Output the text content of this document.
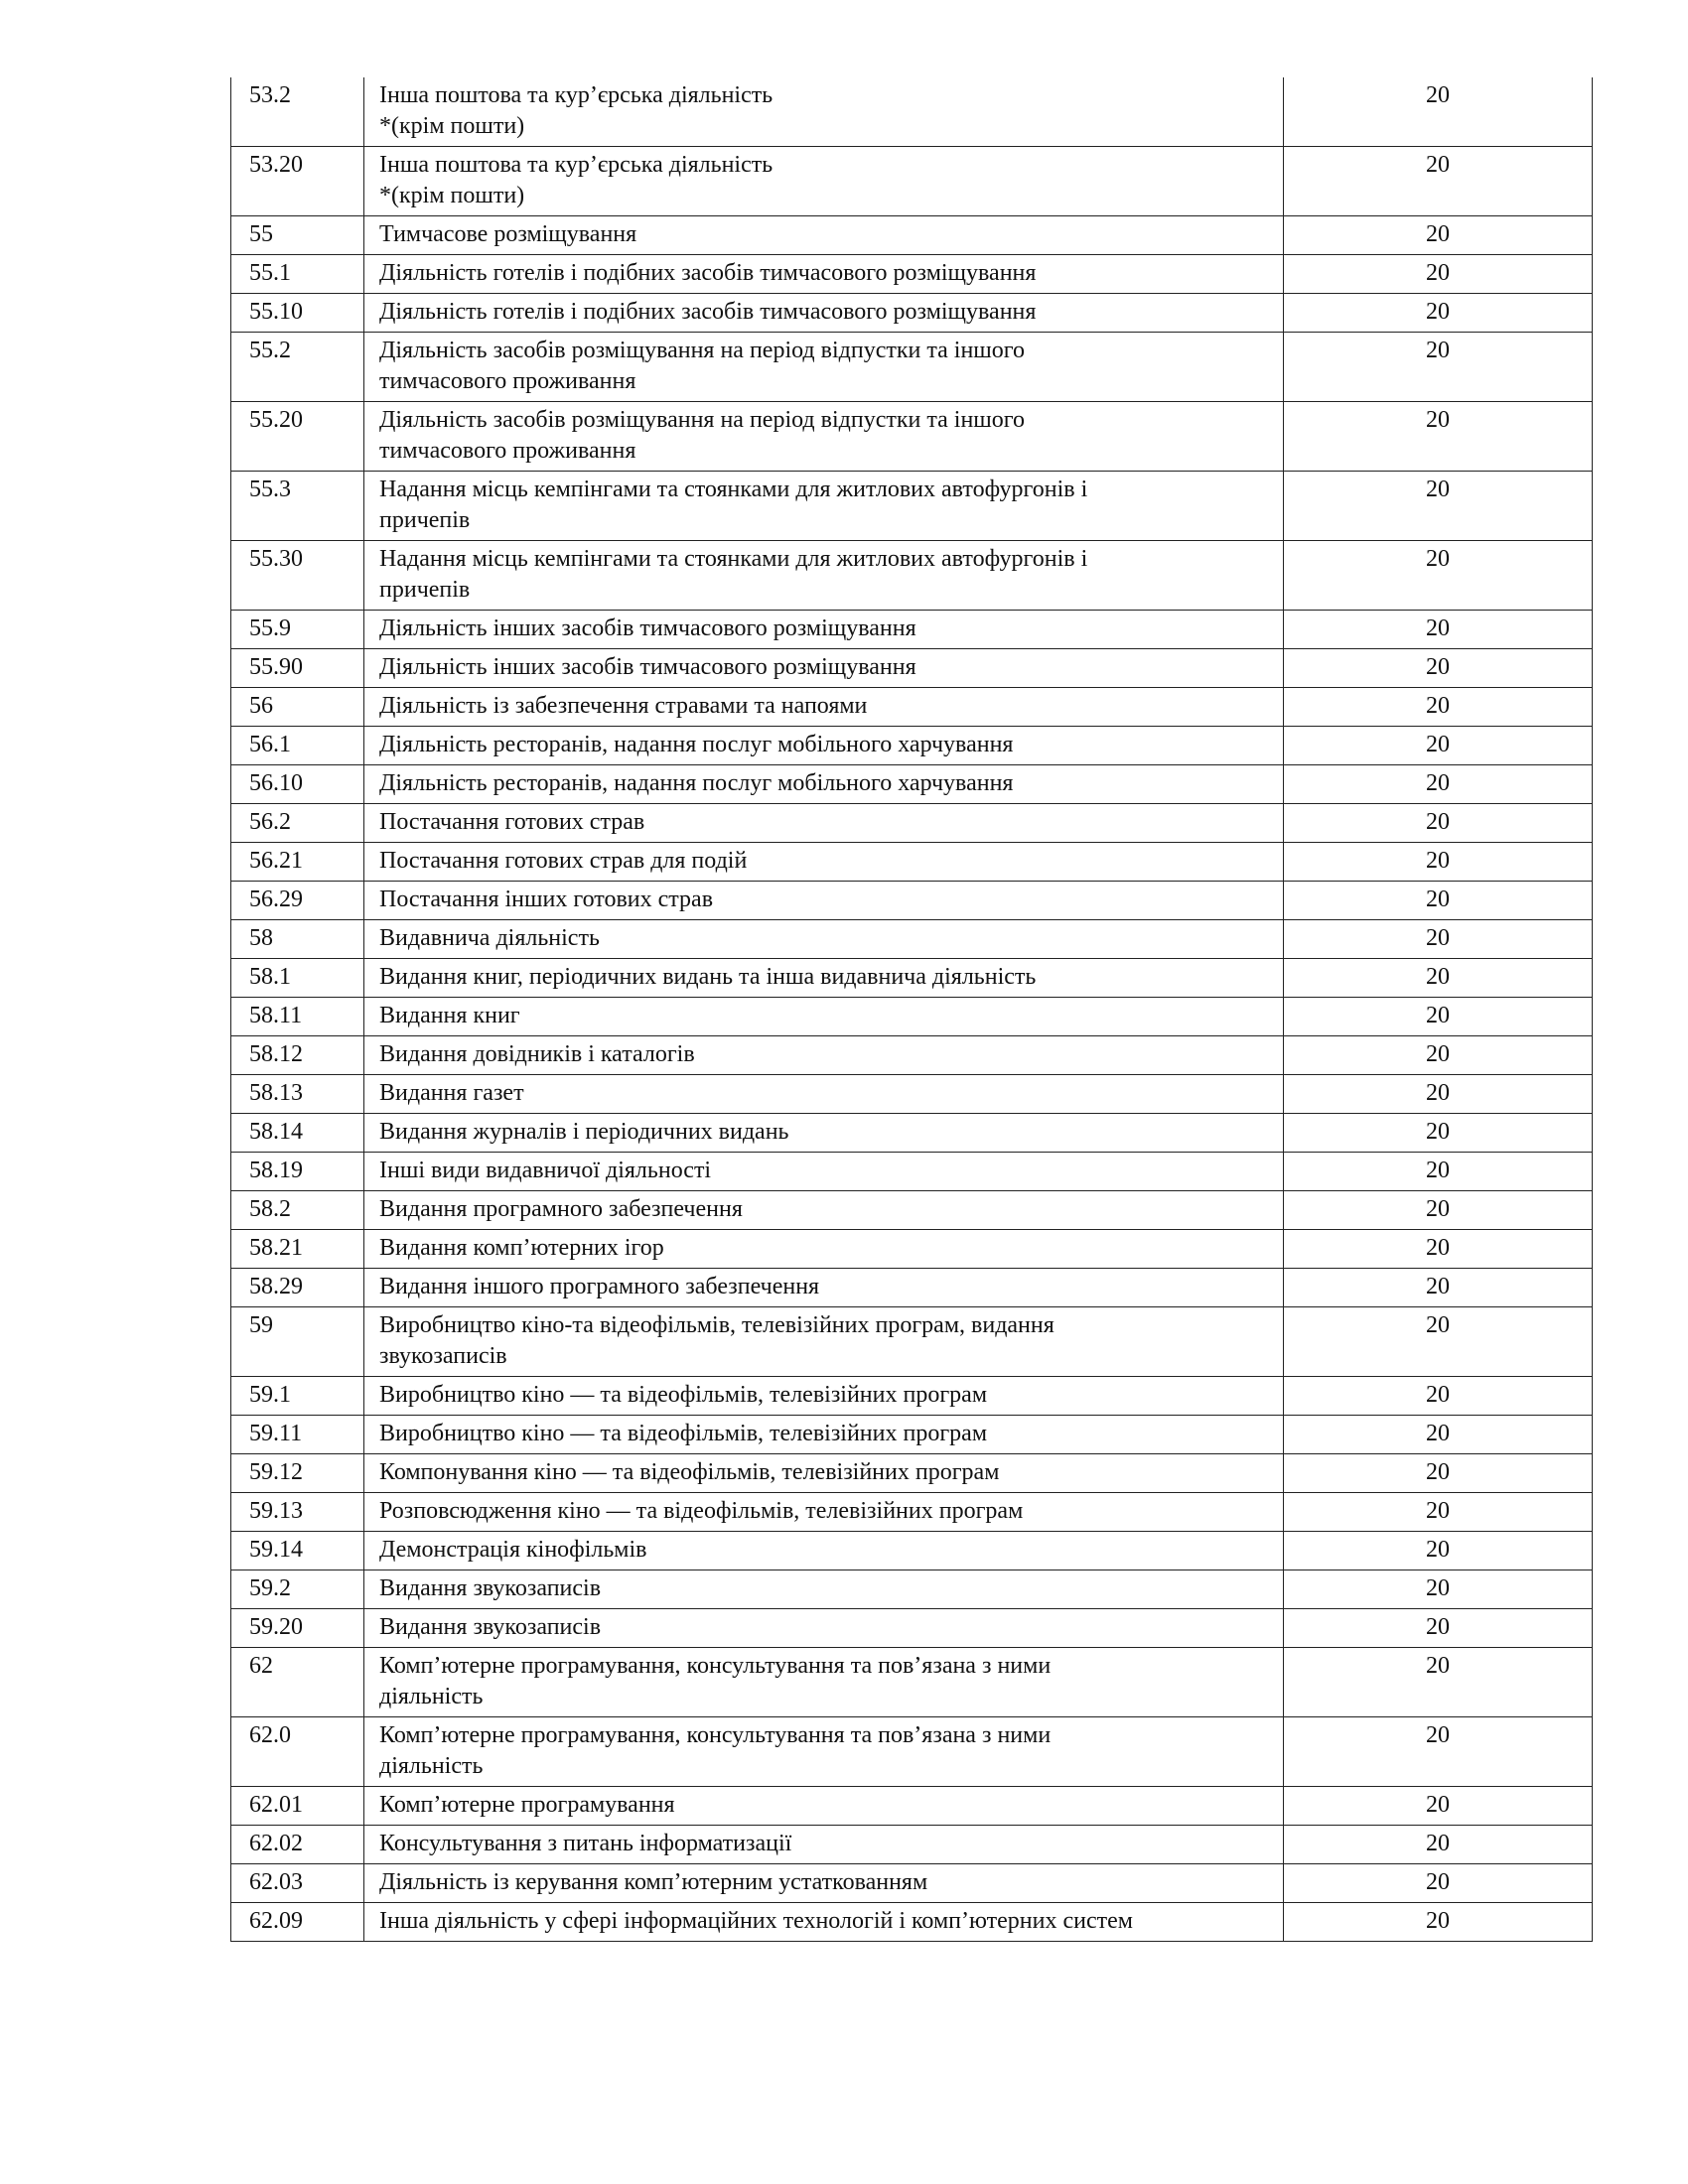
53.2	Інша поштова та кур’єрська діяльність
*(крім пошти)	20
53.20	Інша поштова та кур’єрська діяльність
*(крім пошти)	20
55	Тимчасове розміщування	20
55.1	Діяльність готелів і подібних засобів тимчасового розміщування	20
55.10	Діяльність готелів і подібних засобів тимчасового розміщування	20
55.2	Діяльність засобів розміщування на період відпустки та іншого
тимчасового проживання	20
55.20	Діяльність засобів розміщування на період відпустки та іншого
тимчасового проживання	20
55.3	Надання місць кемпінгами та стоянками для житлових автофургонів і
причепів	20
55.30	Надання місць кемпінгами та стоянками для житлових автофургонів і
причепів	20
55.9	Діяльність інших засобів тимчасового розміщування	20
55.90	Діяльність інших засобів тимчасового розміщування	20
56	Діяльність із забезпечення стравами та напоями	20
56.1	Діяльність ресторанів, надання послуг мобільного харчування	20
56.10	Діяльність ресторанів, надання послуг мобільного харчування	20
56.2	Постачання готових страв	20
56.21	Постачання готових страв для подій	20
56.29	Постачання інших готових страв	20
58	Видавнича діяльність	20
58.1	Видання книг, періодичних видань та інша видавнича діяльність	20
58.11	Видання книг	20
58.12	Видання довідників і каталогів	20
58.13	Видання газет	20
58.14	Видання журналів і періодичних видань	20
58.19	Інші види видавничої діяльності	20
58.2	Видання програмного забезпечення	20
58.21	Видання комп’ютерних ігор	20
58.29	Видання іншого програмного забезпечення	20
59	Виробництво кіно-та відеофільмів, телевізійних програм, видання
звукозаписів	20
59.1	Виробництво кіно — та відеофільмів, телевізійних програм	20
59.11	Виробництво кіно — та відеофільмів, телевізійних програм	20
59.12	Компонування кіно — та відеофільмів, телевізійних програм	20
59.13	Розповсюдження кіно — та відеофільмів, телевізійних програм	20
59.14	Демонстрація кінофільмів	20
59.2	Видання звукозаписів	20
59.20	Видання звукозаписів	20
62	Комп’ютерне програмування, консультування та пов’язана з ними
діяльність	20
62.0	Комп’ютерне програмування, консультування та пов’язана з ними
діяльність	20
62.01	Комп’ютерне програмування	20
62.02	Консультування з питань інформатизації	20
62.03	Діяльність із керування комп’ютерним устаткованням	20
62.09	Інша діяльність у сфері інформаційних технологій і комп’ютерних систем	20
